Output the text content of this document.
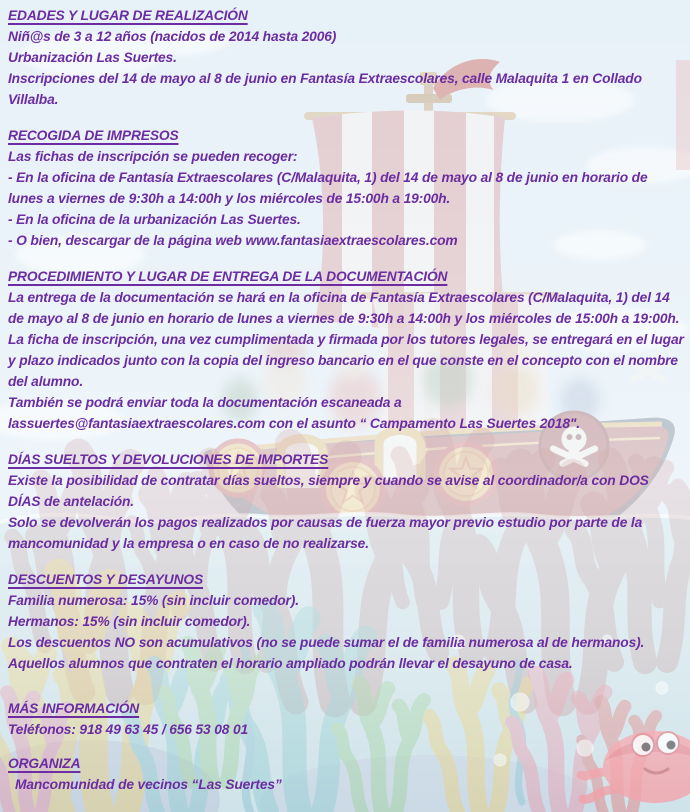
EDADES Y LUGAR DE REALIZACIÓN

Niñ@s de 3 a 12 años (nacidos de 2014 hasta 2006)

Urbanización Las Suertes.

Inscripciones del 14 de mayo al 8 de junio en Fantasía Extraescolares, calle Malaquita 1 en Collado Villalba.

RECOGIDA DE IMPRESOS

Las fichas de inscripción se pueden recoger:

- En la oficina de Fantasía Extraescolares (C/Malaquita, 1) del 14 de mayo al 8 de junio en horario de lunes a viernes de 9:30h a 14:00h y los miércoles de 15:00h a 19:00h.

- En la oficina de la urbanización Las Suertes.

- O bien, descargar de la página web www.fantasiaextraescolares.com

PROCEDIMIENTO Y LUGAR DE ENTREGA DE LA DOCUMENTACIÓN

La entrega de la documentación se hará en la oficina de Fantasía Extraescolares (C/Malaquita, 1) del 14 de mayo al 8 de junio en horario de lunes a viernes de 9:30h a 14:00h y los miércoles de 15:00h a 19:00h.

La ficha de inscripción, una vez cumplimentada y firmada por los tutores legales, se entregará en el lugar y plazo indicados junto con la copia del ingreso bancario en el que conste en el concepto con el nombre del alumno.

También se podrá enviar toda la documentación escaneada a

lassuertes@fantasiaextraescolares.com con el asunto “ Campamento Las Suertes 2018".

DÍAS SUELTOS Y DEVOLUCIONES DE IMPORTES

Existe la posibilidad de contratar días sueltos, siempre y cuando se avise al coordinador/a con DOS DÍAS de antelación.

Solo se devolverán los pagos realizados por causas de fuerza mayor previo estudio por parte de la mancomunidad y la empresa o en caso de no realizarse.

DESCUENTOS Y DESAYUNOS

Familia numerosa: 15% (sin incluir comedor).

Hermanos: 15% (sin incluir comedor).

Los descuentos NO son acumulativos (no se puede sumar el de familia numerosa al de hermanos).

Aquellos alumnos que contraten el horario ampliado podrán llevar el desayuno de casa.

MÁS INFORMACIÓN

Teléfonos: 918 49 63 45 / 656 53 08 01

ORGANIZA

Mancomunidad de vecinos “Las Suertes”
